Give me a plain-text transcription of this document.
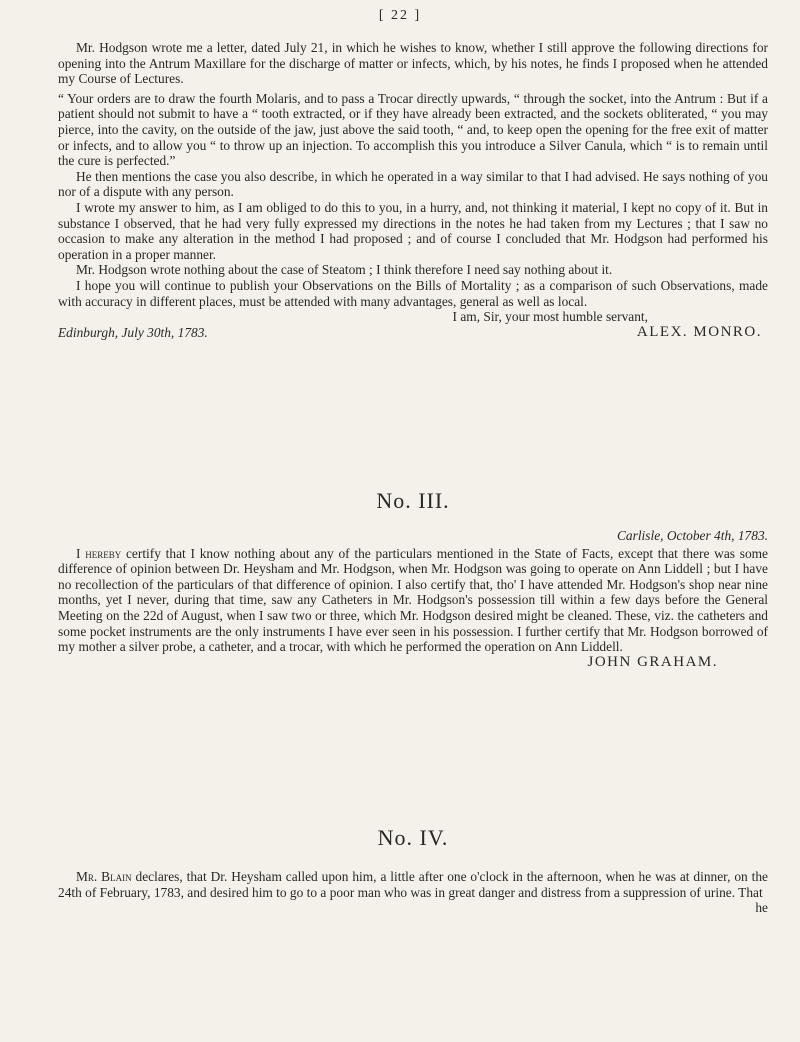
[ 22 ]

Mr. Hodgson wrote me a letter, dated July 21, in which he wishes to know, whether I still approve the following directions for opening into the Antrum Maxillare for the discharge of matter or infects, which, by his notes, he finds I proposed when he attended my Course of Lectures.

“ Your orders are to draw the fourth Molaris, and to pass a Trocar directly upwards, “ through the socket, into the Antrum : But if a patient should not submit to have a “ tooth extracted, or if they have already been extracted, and the sockets obliterated, “ you may pierce, into the cavity, on the outside of the jaw, just above the said tooth, “ and, to keep open the opening for the free exit of matter or infects, and to allow you “ to throw up an injection. To accomplish this you introduce a Silver Canula, which “ is to remain until the cure is perfected.”

He then mentions the case you also describe, in which he operated in a way similar to that I had advised. He says nothing of you nor of a dispute with any person.

I wrote my answer to him, as I am obliged to do this to you, in a hurry, and, not thinking it material, I kept no copy of it. But in substance I observed, that he had very fully expressed my directions in the notes he had taken from my Lectures ; that I saw no occasion to make any alteration in the method I had proposed ; and of course I concluded that Mr. Hodgson had performed his operation in a proper manner.

Mr. Hodgson wrote nothing about the case of Steatom ; I think therefore I need say nothing about it.

I hope you will continue to publish your Observations on the Bills of Mortality ; as a comparison of such Observations, made with accuracy in different places, must be attended with many advantages, general as well as local.

I am, Sir, your most humble servant,
Edinburgh, July 30th, 1783.	ALEX. MONRO.
No. III.
Carlisle, October 4th, 1783.

I hereby certify that I know nothing about any of the particulars mentioned in the State of Facts, except that there was some difference of opinion between Dr. Heysham and Mr. Hodgson, when Mr. Hodgson was going to operate on Ann Liddell ; but I have no recollection of the particulars of that difference of opinion. I also certify that, tho' I have attended Mr. Hodgson's shop near nine months, yet I never, during that time, saw any Catheters in Mr. Hodgson's possession till within a few days before the General Meeting on the 22d of August, when I saw two or three, which Mr. Hodgson desired might be cleaned. These, viz. the catheters and some pocket instruments are the only instruments I have ever seen in his possession. I further certify that Mr. Hodgson borrowed of my mother a silver probe, a catheter, and a trocar, with which he performed the operation on Ann Liddell.

JOHN GRAHAM.
No. IV.

Mr. Blain declares, that Dr. Heysham called upon him, a little after one o'clock in the afternoon, when he was at dinner, on the 24th of February, 1783, and desired him to go to a poor man who was in great danger and distress from a suppression of urine. That

he
